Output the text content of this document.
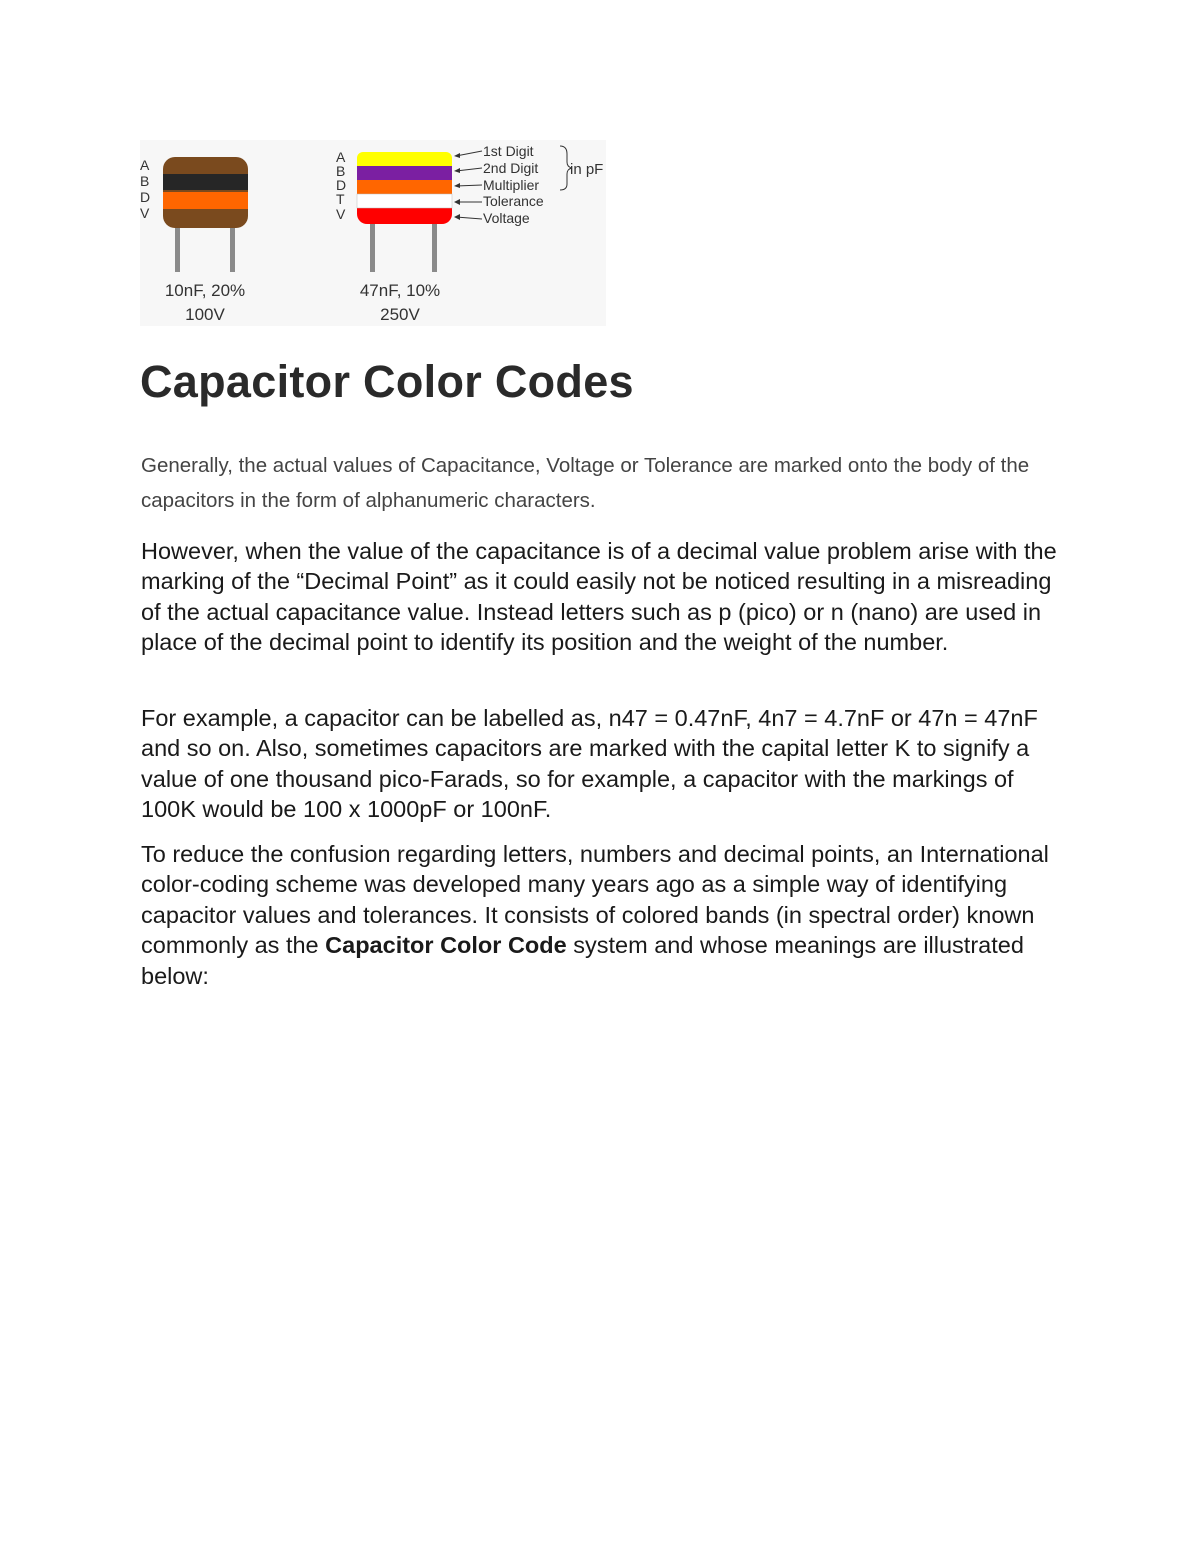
A
B
D
V
10nF, 20%
100V
A
B
D
T
V
47nF, 10%
250V
1st Digit
2nd Digit
Multiplier
Tolerance
Voltage
in pF
Capacitor Color Codes

Generally, the actual values of Capacitance, Voltage or Tolerance are marked onto the body of the capacitors in the form of alphanumeric characters.

However, when the value of the capacitance is of a decimal value problem arise with the marking of the “Decimal Point” as it could easily not be noticed resulting in a misreading of the actual capacitance value. Instead letters such as p (pico) or n (nano) are used in place of the decimal point to identify its position and the weight of the number.

For example, a capacitor can be labelled as, n47 = 0.47nF, 4n7 = 4.7nF or 47n = 47nF and so on. Also, sometimes capacitors are marked with the capital letter K to signify a value of one thousand pico-Farads, so for example, a capacitor with the markings of 100K would be 100 x 1000pF or 100nF.

To reduce the confusion regarding letters, numbers and decimal points, an International color-coding scheme was developed many years ago as a simple way of identifying capacitor values and tolerances. It consists of colored bands (in spectral order) known commonly as the Capacitor Color Code system and whose meanings are illustrated below:
